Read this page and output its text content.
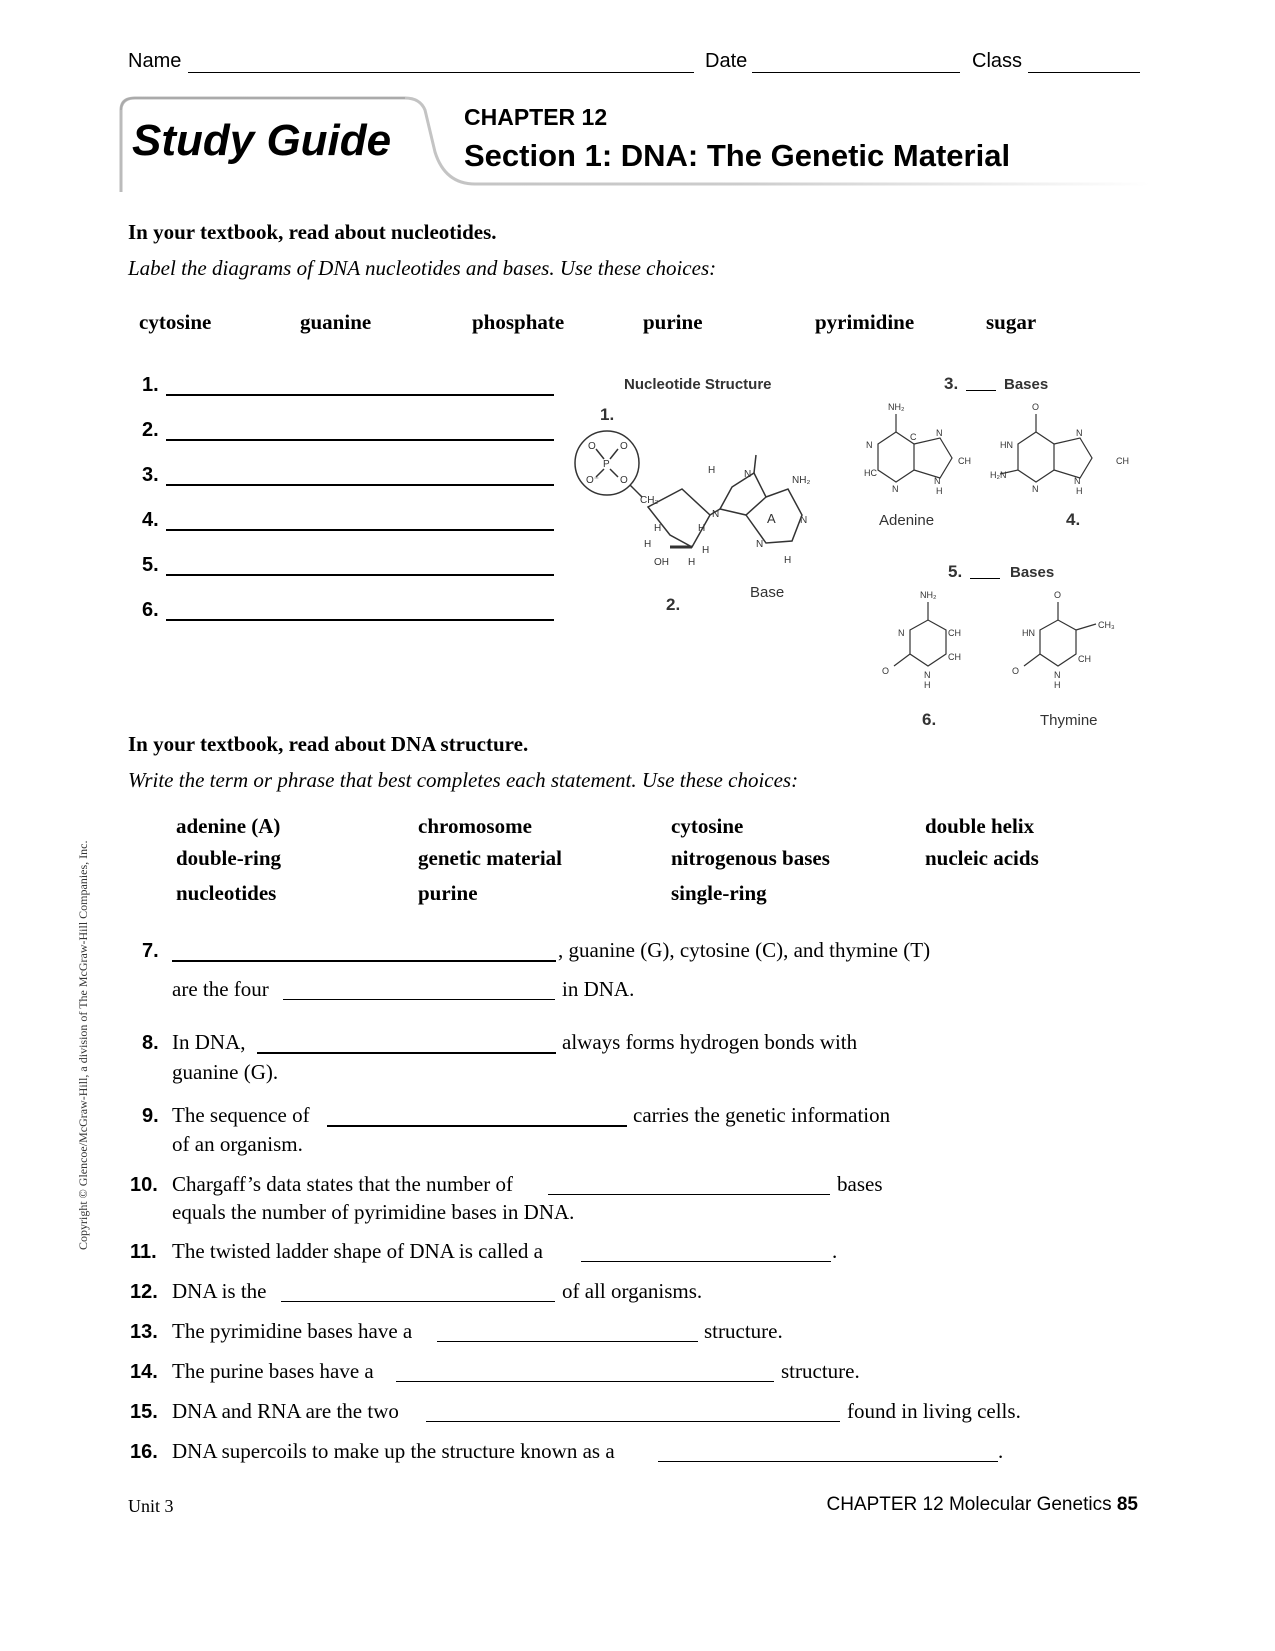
Name	Date	Class
Study Guide	CHAPTER 12
Section 1: DNA: The Genetic Material
In your textbook, read about nucleotides.
Label the diagrams of DNA nucleotides and bases. Use these choices:
cytosine	guanine	phosphate	purine	pyrimidine	sugar
1.
2.
3.
4.
5.
6.
Nucleotide Structure
1.
2.
Base
O O
P
O⁻ O
CH₂
H	H
H
H
OH H
N
H	N
NH₂
A N
N
H
3.	Bases
NH₂
N
HC
C N
CH
N
N	H
O
HN
H₂N
N
CH
N
N	H
Adenine	4.
5.	Bases
NH₂
N	CH
CH
O	N
H
O
HN
CH₃
CH
O	N
H
6.	Thymine
In your textbook, read about DNA structure.
Write the term or phrase that best completes each statement. Use these choices:
adenine (A)	chromosome	cytosine	double helix
double-ring	genetic material	nitrogenous bases	nucleic acids
nucleotides	purine	single-ring
7.	, guanine (G), cytosine (C), and thymine (T)
are the four	in DNA.
8. In DNA,	always forms hydrogen bonds with
guanine (G).
9. The sequence of	carries the genetic information
of an organism.
10. Chargaff’s data states that the number of	bases
equals the number of pyrimidine bases in DNA.
11. The twisted ladder shape of DNA is called a	.
12. DNA is the	of all organisms.
13. The pyrimidine bases have a	structure.
14. The purine bases have a	structure.
15. DNA and RNA are the two	found in living cells.
16. DNA supercoils to make up the structure known as a	.
Unit 3	CHAPTER 12 Molecular Genetics 85
Copyright © Glencoe/McGraw-Hill, a division of The McGraw-Hill Companies, Inc.
